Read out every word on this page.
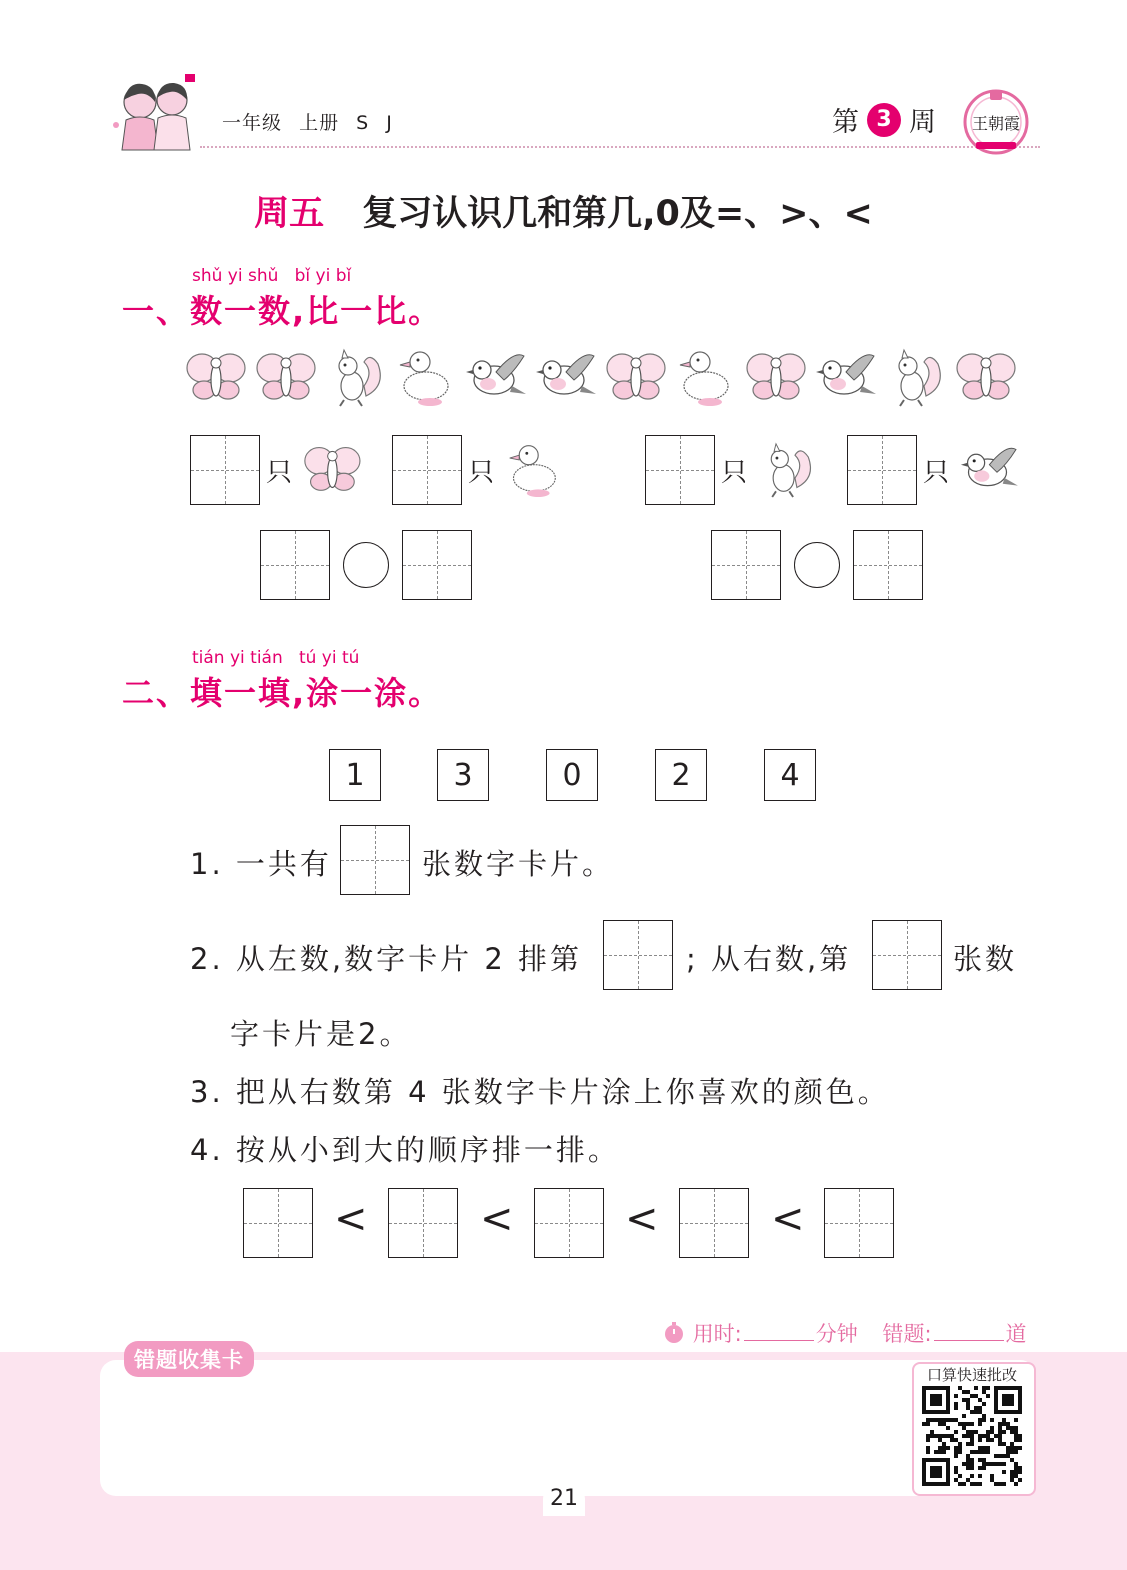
一年级 上册 S J	第 3 周 王朝霞
周五 复习认识几和第几,0及=、>、<
shǔ yi shǔ   bǐ yi bǐ
一、数一数,比一比。
只	只	只	只
tián yi tián   tú yi tú
二、填一填,涂一涂。
1	3	0	2	4
1. 一共有	张数字卡片。
2. 从左数,数字卡片 2 排第	; 从右数,第	张数
字卡片是2。
3. 把从右数第 4 张数字卡片涂上你喜欢的颜色。
4. 按从小到大的顺序排一排。
<	<	<	<
用时:	分钟 错题:	道
错题收集卡
口算快速批改
21
